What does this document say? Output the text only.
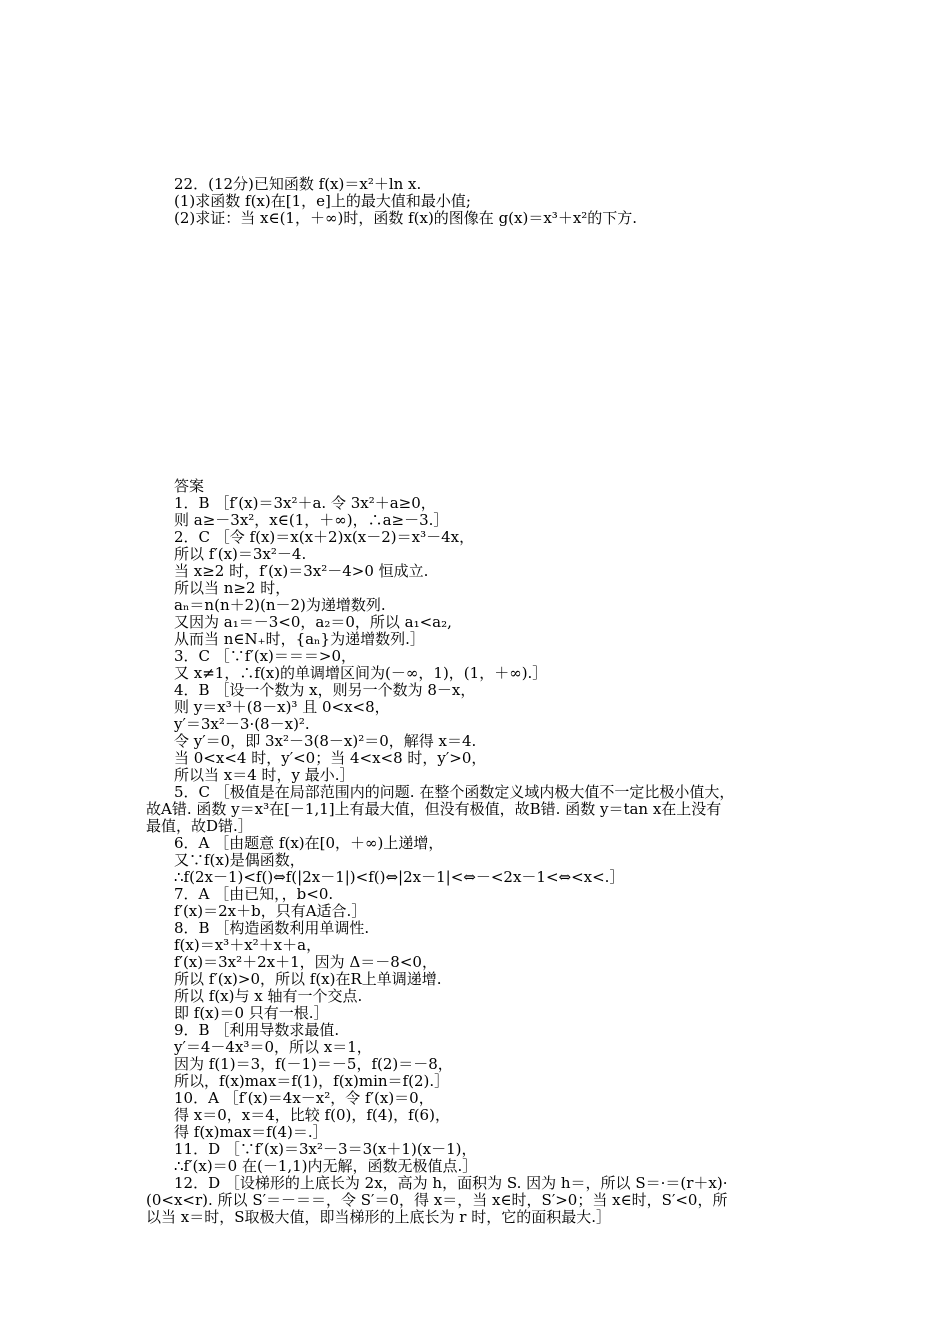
22．(12分)已知函数 f(x)＝x²＋ln x.
(1)求函数 f(x)在[1，e]上的最大值和最小值;
(2)求证：当 x∈(1，＋∞)时，函数 f(x)的图像在 g(x)＝x³＋x²的下方.
答案
1．B ［f′(x)＝3x²＋a. 令 3x²＋a≥0，
则 a≥－3x²，x∈(1，＋∞)，∴a≥－3.］
2．C ［令 f(x)＝x(x＋2)x(x－2)＝x³－4x，
所以 f′(x)＝3x²－4.
当 x≥2 时，f′(x)＝3x²－4>0 恒成立.
所以当 n≥2 时，
aₙ＝n(n＋2)(n－2)为递增数列.
又因为 a₁＝－3<0，a₂＝0，所以 a₁<a₂,
从而当 n∈N₊时，{aₙ}为递增数列.］
3．C ［∵f′(x)＝＝＝>0，
又 x≠1，∴f(x)的单调增区间为(－∞，1)，(1，＋∞).］
4．B ［设一个数为 x，则另一个数为 8－x，
则 y＝x³＋(8－x)³ 且 0<x<8，
y′＝3x²－3·(8－x)².
令 y′＝0，即 3x²－3(8－x)²＝0，解得 x＝4.
当 0<x<4 时，y′<0；当 4<x<8 时，y′>0，
所以当 x＝4 时，y 最小.］
5．C ［极值是在局部范围内的问题. 在整个函数定义域内极大值不一定比极小值大，
故A错. 函数 y＝x³在[－1,1]上有最大值，但没有极值，故B错. 函数 y＝tan x在上没有
最值，故D错.］
6．A ［由题意 f(x)在[0，＋∞)上递增，
又∵f(x)是偶函数，
∴f(2x－1)<f()⇔f(|2x－1|)<f()⇔|2x－1|<⇔－<2x－1<⇔<x<.］
7．A ［由已知，，b<0.
f′(x)＝2x＋b，只有A适合.］
8．B ［构造函数利用单调性.
f(x)＝x³＋x²＋x＋a，
f′(x)＝3x²＋2x＋1，因为 Δ＝－8<0，
所以 f′(x)>0，所以 f(x)在R上单调递增.
所以 f(x)与 x 轴有一个交点.
即 f(x)＝0 只有一根.］
9．B ［利用导数求最值.
y′＝4－4x³＝0，所以 x＝1，
因为 f(1)＝3，f(－1)＝－5，f(2)＝－8，
所以，f(x)max＝f(1)，f(x)min＝f(2).］
10．A ［f′(x)＝4x－x²，令 f′(x)＝0，
得 x＝0，x＝4，比较 f(0)，f(4)，f(6)，
得 f(x)max＝f(4)＝.］
11．D ［∵f′(x)＝3x²－3＝3(x＋1)(x－1)，
∴f′(x)＝0 在(－1,1)内无解，函数无极值点.］
12．D ［设梯形的上底长为 2x，高为 h，面积为 S. 因为 h＝，所以 S＝·＝(r＋x)·
(0<x<r). 所以 S′＝－＝＝，令 S′＝0，得 x＝，当 x∈时，S′>0；当 x∈时，S′<0，所
以当 x＝时，S取极大值，即当梯形的上底长为 r 时，它的面积最大.］
